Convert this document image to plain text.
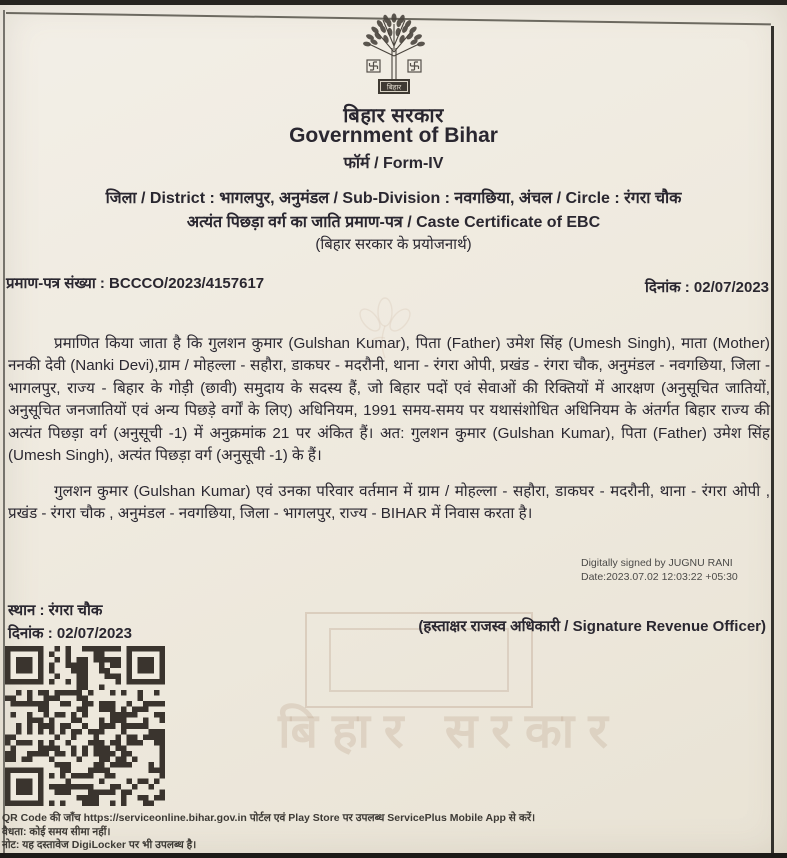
बिहार सरकार
बिहार
बिहार सरकार
Government of Bihar
फॉर्म / Form-IV
जिला / District : भागलपुर, अनुमंडल / Sub-Division : नवगछिया, अंचल / Circle : रंगरा चौक
अत्यंत पिछड़ा वर्ग का जाति प्रमाण-पत्र / Caste Certificate of EBC
(बिहार सरकार के प्रयोजनार्थ)
प्रमाण-पत्र संख्या : BCCCO/2023/4157617	दिनांक : 02/07/2023
प्रमाणित किया जाता है कि गुलशन कुमार (Gulshan Kumar), पिता (Father) उमेश सिंह (Umesh Singh), माता (Mother) ननकी देवी (Nanki Devi),ग्राम / मोहल्ला - सहौरा, डाकघर - मदरौनी, थाना - रंगरा ओपी, प्रखंड - रंगरा चौक, अनुमंडल - नवगछिया, जिला - भागलपुर, राज्य - बिहार के गोड़ी (छावी) समुदाय के सदस्य हैं, जो बिहार पदों एवं सेवाओं की रिक्तियों में आरक्षण (अनुसूचित जातियों, अनुसूचित जनजातियों एवं अन्य पिछड़े वर्गों के लिए) अधिनियम, 1991 समय-समय पर यथासंशोधित अधिनियम के अंतर्गत बिहार राज्य की अत्यंत पिछड़ा वर्ग (अनुसूची -1) में अनुक्रमांक 21 पर अंकित हैं। अत: गुलशन कुमार (Gulshan Kumar), पिता (Father) उमेश सिंह (Umesh Singh), अत्यंत पिछड़ा वर्ग (अनुसूची -1) के हैं।
गुलशन कुमार (Gulshan Kumar) एवं उनका परिवार वर्तमान में ग्राम / मोहल्ला - सहौरा, डाकघर - मदरौनी, थाना - रंगरा ओपी , प्रखंड - रंगरा चौक , अनुमंडल - नवगछिया, जिला - भागलपुर, राज्य - BIHAR में निवास करता है।
Digitally signed by JUGNU RANI
Date:2023.07.02 12:03:22 +05:30
स्थान : रंगरा चौक
दिनांक : 02/07/2023	(हस्ताक्षर राजस्व अधिकारी / Signature Revenue Officer)
QR Code की जाँच https://serviceonline.bihar.gov.in पोर्टल एवं Play Store पर उपलब्ध ServicePlus Mobile App से करें।
वैधता: कोई समय सीमा नहीं।
नोट: यह दस्तावेज DigiLocker पर भी उपलब्ध है।
